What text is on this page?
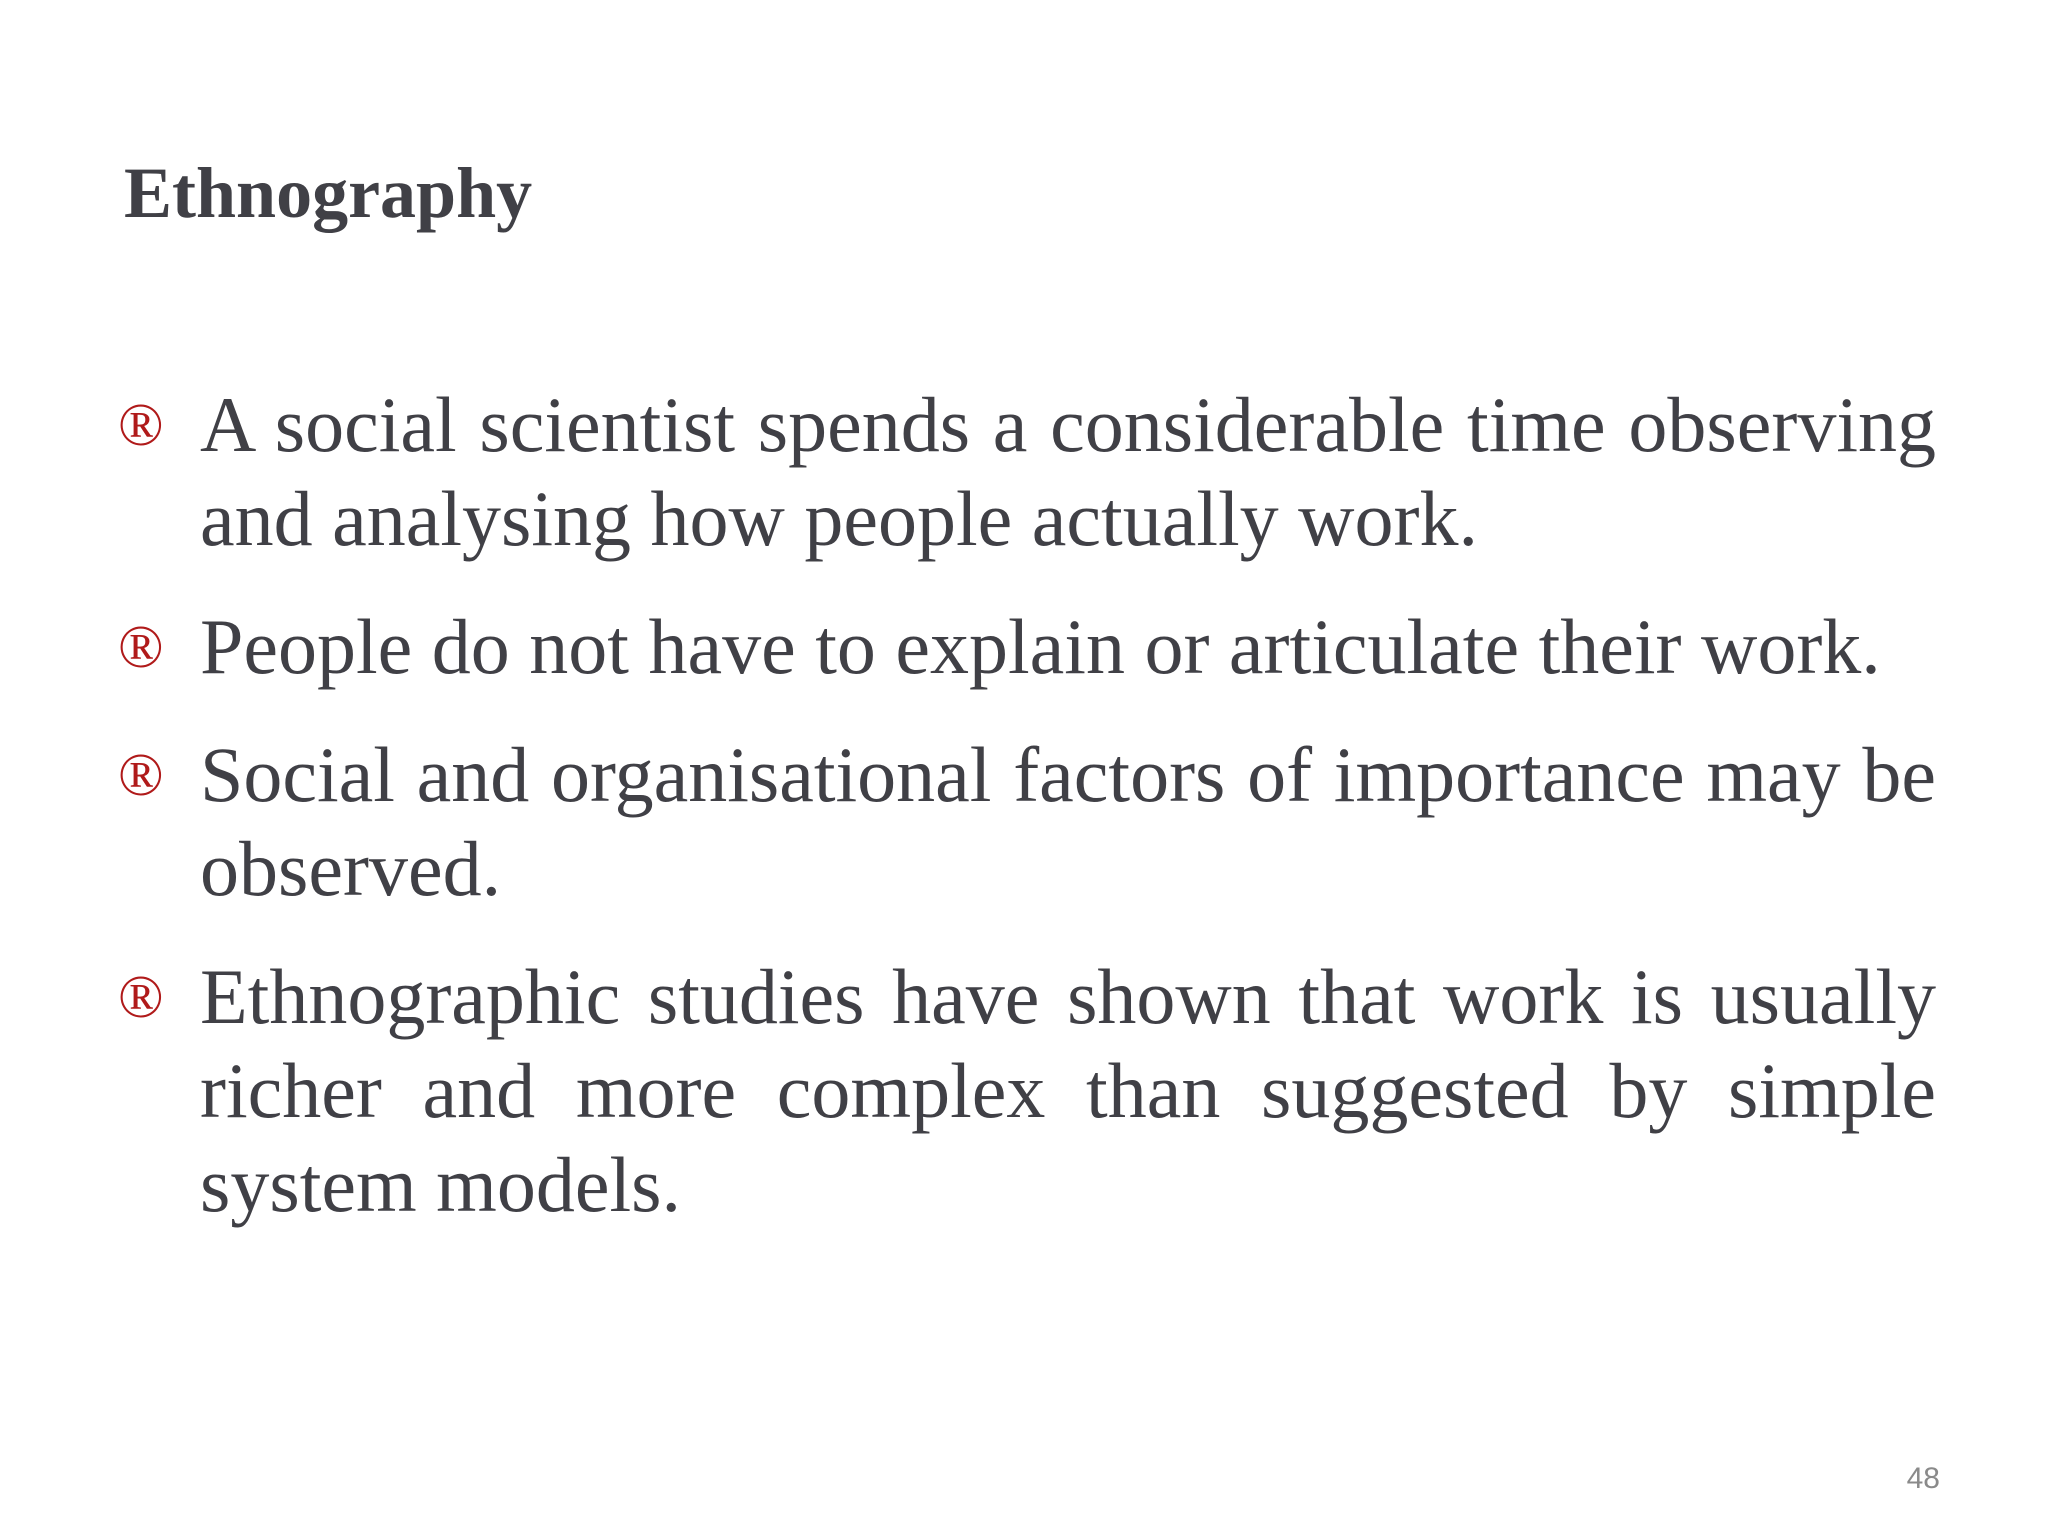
Ethnography
® A social scientist spends a considerable time observing and analysing how people actually work.
® People do not have to explain or articulate their work.
® Social and organisational factors of importance may be observed.
® Ethnographic studies have shown that work is usually richer and more complex than suggested by simple system models.
48
